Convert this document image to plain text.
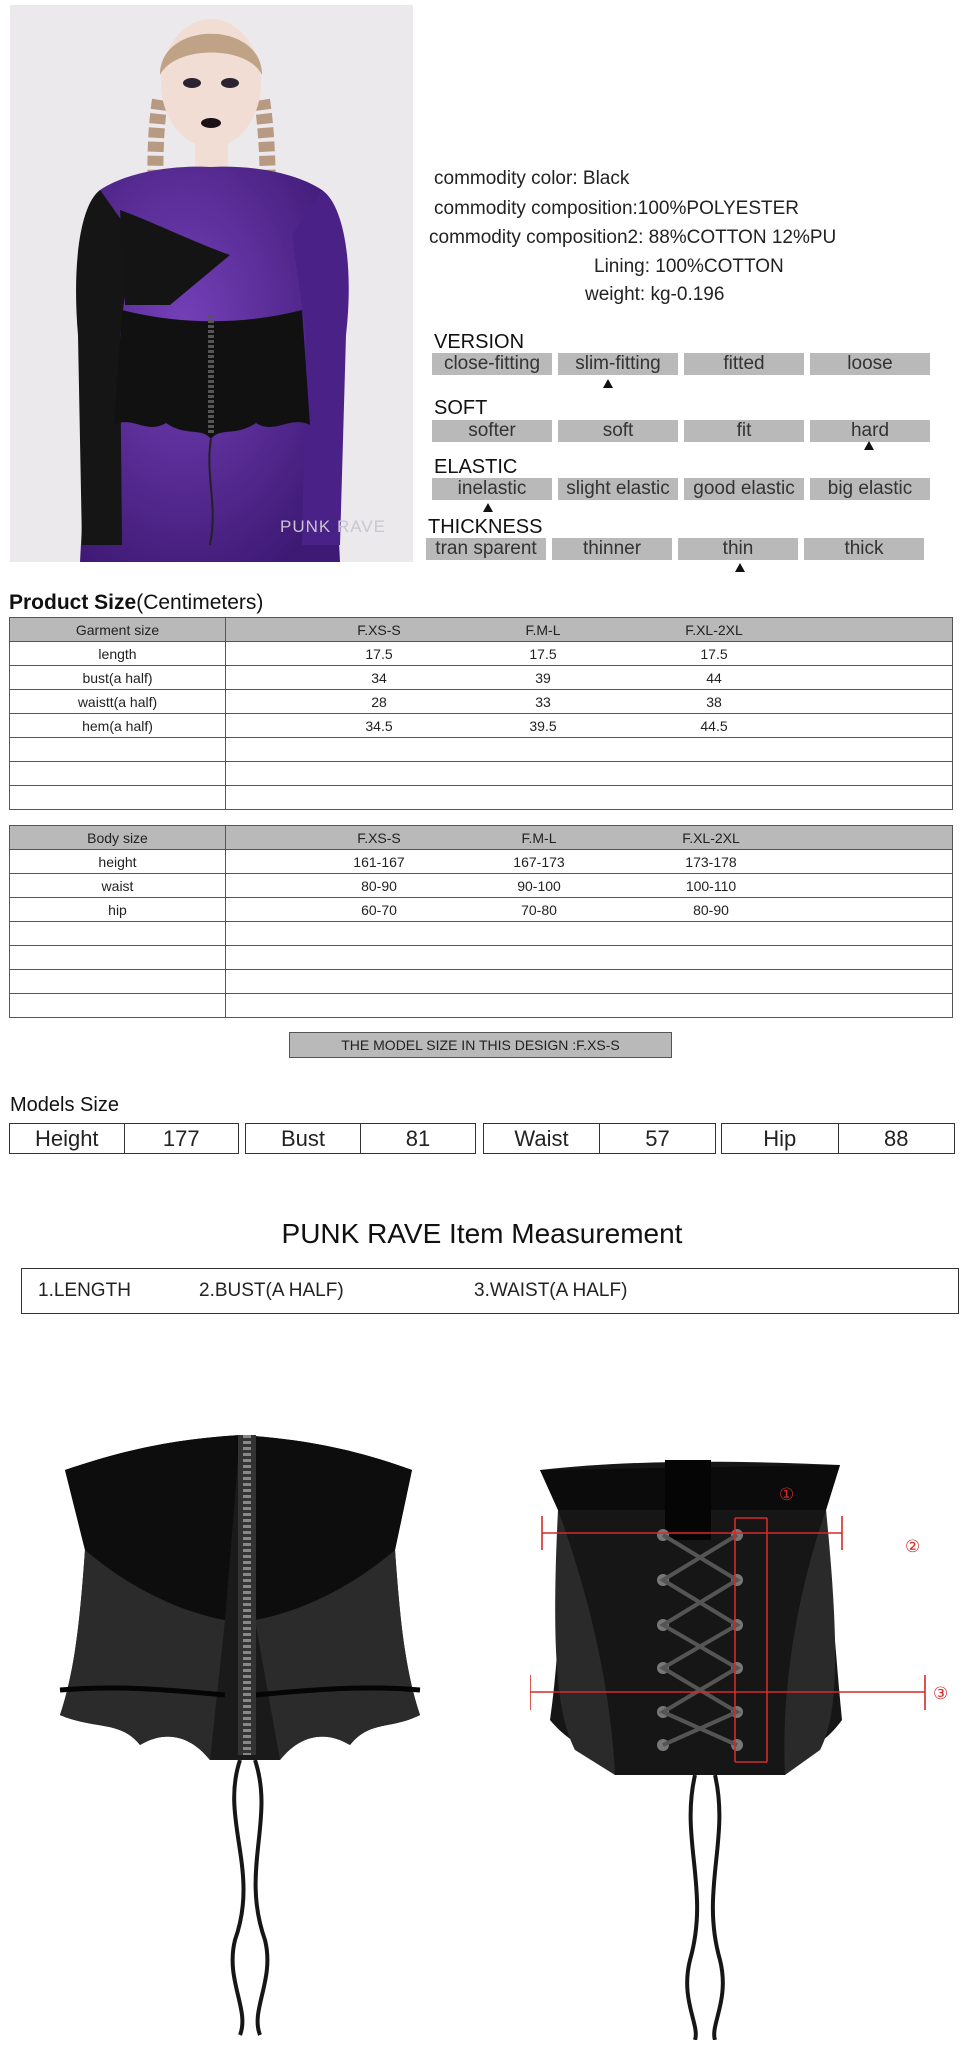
PUNK RAVE
commodity color: Black
commodity composition:100%POLYESTER
commodity composition2: 88%COTTON 12%PU
Lining: 100%COTTON
weight: kg-0.196
VERSION
close-fitting	slim-fitting	fitted	loose
SOFT
softer	soft	fit	hard
ELASTIC
inelastic	slight elastic	good elastic	big elastic
THICKNESS
tran sparent	thinner	thin	thick
Product Size(Centimeters)
Garment size	F.XS-S F.M-L F.XL-2XL

length	17.5 17.5 17.5

bust(a half)	34 39 44

waistt(a half)	28 33 38

hem(a half)	34.5 39.5 44.5

Body size	F.XS-S F.M-L F.XL-2XL

height	161-167 167-173 173-178

waist	80-90 90-100 100-110

hip	60-70 70-80 80-90

THE MODEL SIZE IN THIS DESIGN :F.XS-S
Models Size
Height	177	Bust	81	Waist	57	Hip	88
PUNK RAVE Item Measurement
1.LENGTH	2.BUST(A HALF)	3.WAIST(A HALF)
①
②
③
